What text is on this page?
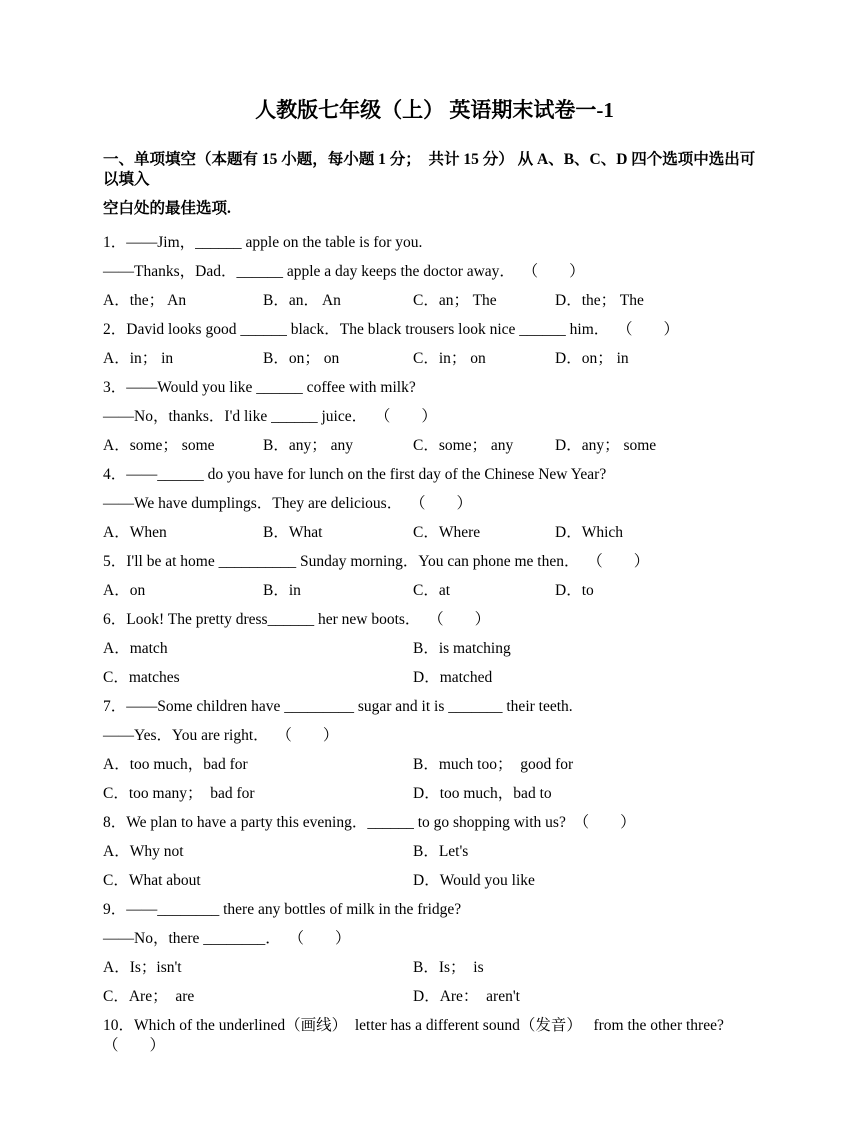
人教版七年级（上） 英语期末试卷一-1

一、单项填空（本题有 15 小题，每小题 1 分；  共计 15 分） 从 A、B、C、D 四个选项中选出可以填入

空白处的最佳选项.

1．——Jim，______ apple on the table is for you.

——Thanks，Dad．______ apple a day keeps the doctor away．  （　　）

A．the； An	B．an． An	C．an； The	D．the； The

2．David looks good ______ black．The black trousers look nice ______ him．  （　　）

A．in； in	B．on； on	C．in； on	D．on； in

3．——Would you like ______ coffee with milk?

——No，thanks．I'd like ______ juice．  （　　）

A．some； some	B．any； any	C．some； any	D．any； some

4．——______ do you have for lunch on the first day of the Chinese New Year?

——We have dumplings．They are delicious．  （　　）

A．When	B．What	C．Where	D．Which

5．I'll be at home __________ Sunday morning．You can phone me then．  （　　）

A．on	B．in	C．at	D．to

6．Look! The pretty dress______ her new boots．  （　　）

A．match	B．is matching
C．matches	D．matched

7．——Some children have _________ sugar and it is _______ their teeth.

——Yes．You are right．  （　　）

A．too much，bad for	B．much too；  good for
C．too many；  bad for	D．too much，bad to

8．We plan to have a party this evening．______ to go shopping with us?  （　　）

A．Why not	B．Let's
C．What about	D．Would you like

9．——________ there any bottles of milk in the fridge?

——No，there ________．  （　　）

A．Is；isn't	B．Is；  is
C．Are；  are	D．Are：  aren't

10．Which of the underlined（画线）  letter has a different sound（发音）   from the other three?  （　　）
